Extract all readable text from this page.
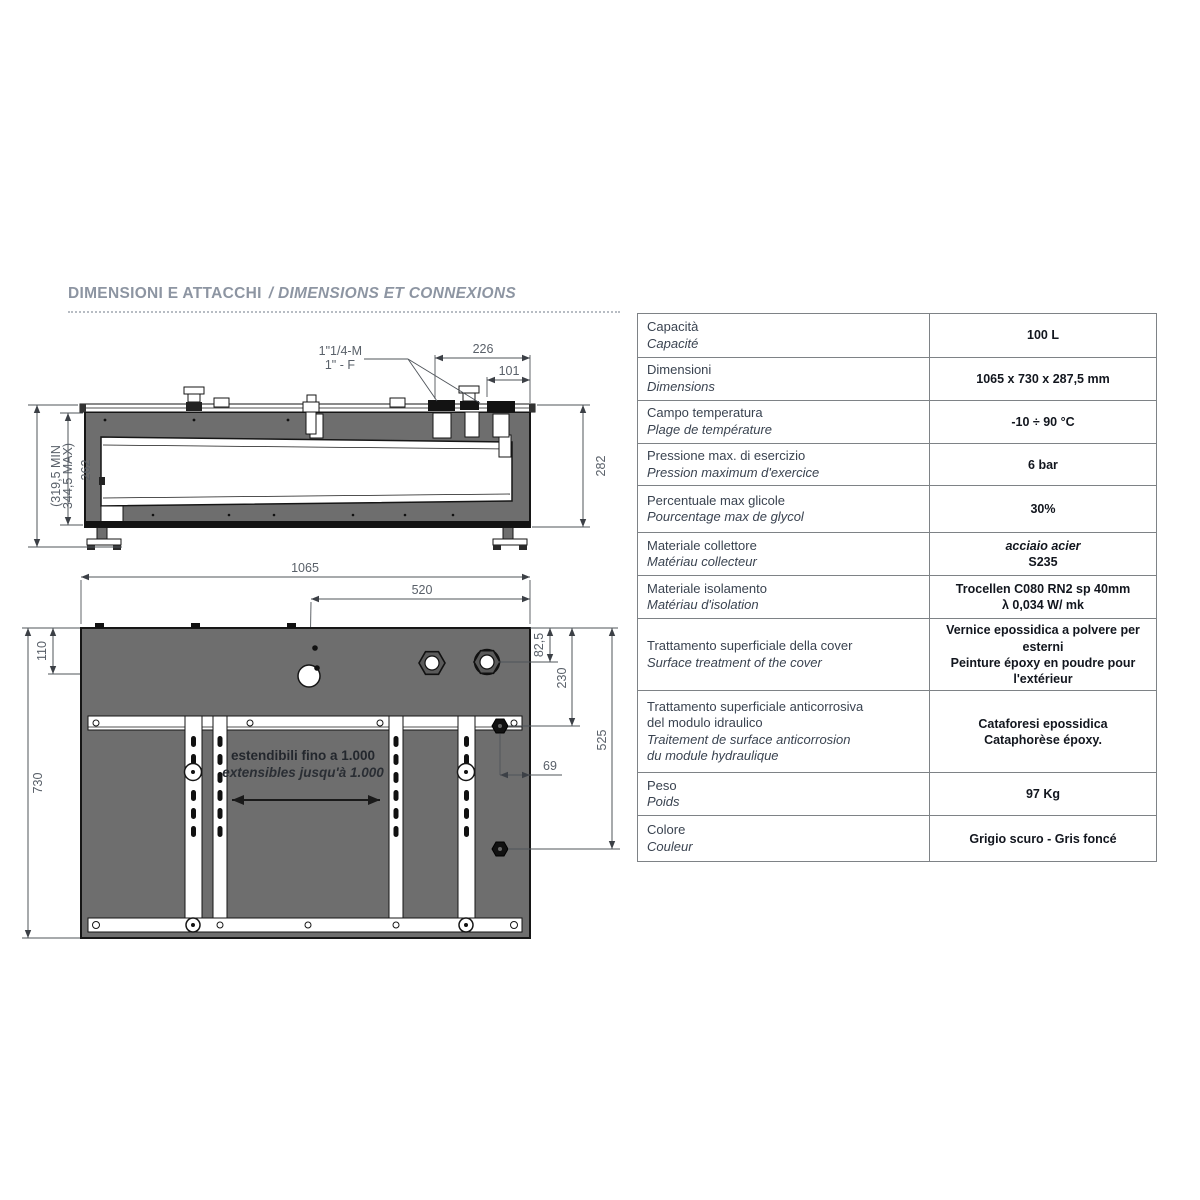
DIMENSIONI E ATTACCHI / DIMENSIONS ET CONNEXIONS
1"1/4-M
1" - F
226
101
262
(319,5 MIN
344,5 MAX)	282
1065
520
110
730
estendibili fino a 1.000
extensibles jusqu'à 1.000
82,5
230
525
69
Capacità
Capacité
100 L
Dimensioni
Dimensions
1065 x 730 x 287,5 mm
Campo temperatura
Plage de température
-10 ÷ 90 °C
Pressione max. di esercizio
Pression maximum d'exercice
6 bar
Percentuale max glicole
Pourcentage max de glycol
30%
Materiale collettore
Matériau collecteur
acciaio acier
S235
Materiale isolamento
Matériau d'isolation
Trocellen C080 RN2 sp 40mm
λ 0,034 W/ mk
Trattamento superficiale della cover
Surface treatment of the cover
Vernice epossidica a polvere per esterni
Peinture époxy en poudre pour
l'extérieur
Trattamento superficiale anticorrosiva
del modulo idraulico
Traitement de surface anticorrosion
du module hydraulique
Cataforesi epossidica
Cataphorèse époxy.
Peso
Poids
97 Kg
Colore
Couleur
Grigio scuro - Gris foncé
